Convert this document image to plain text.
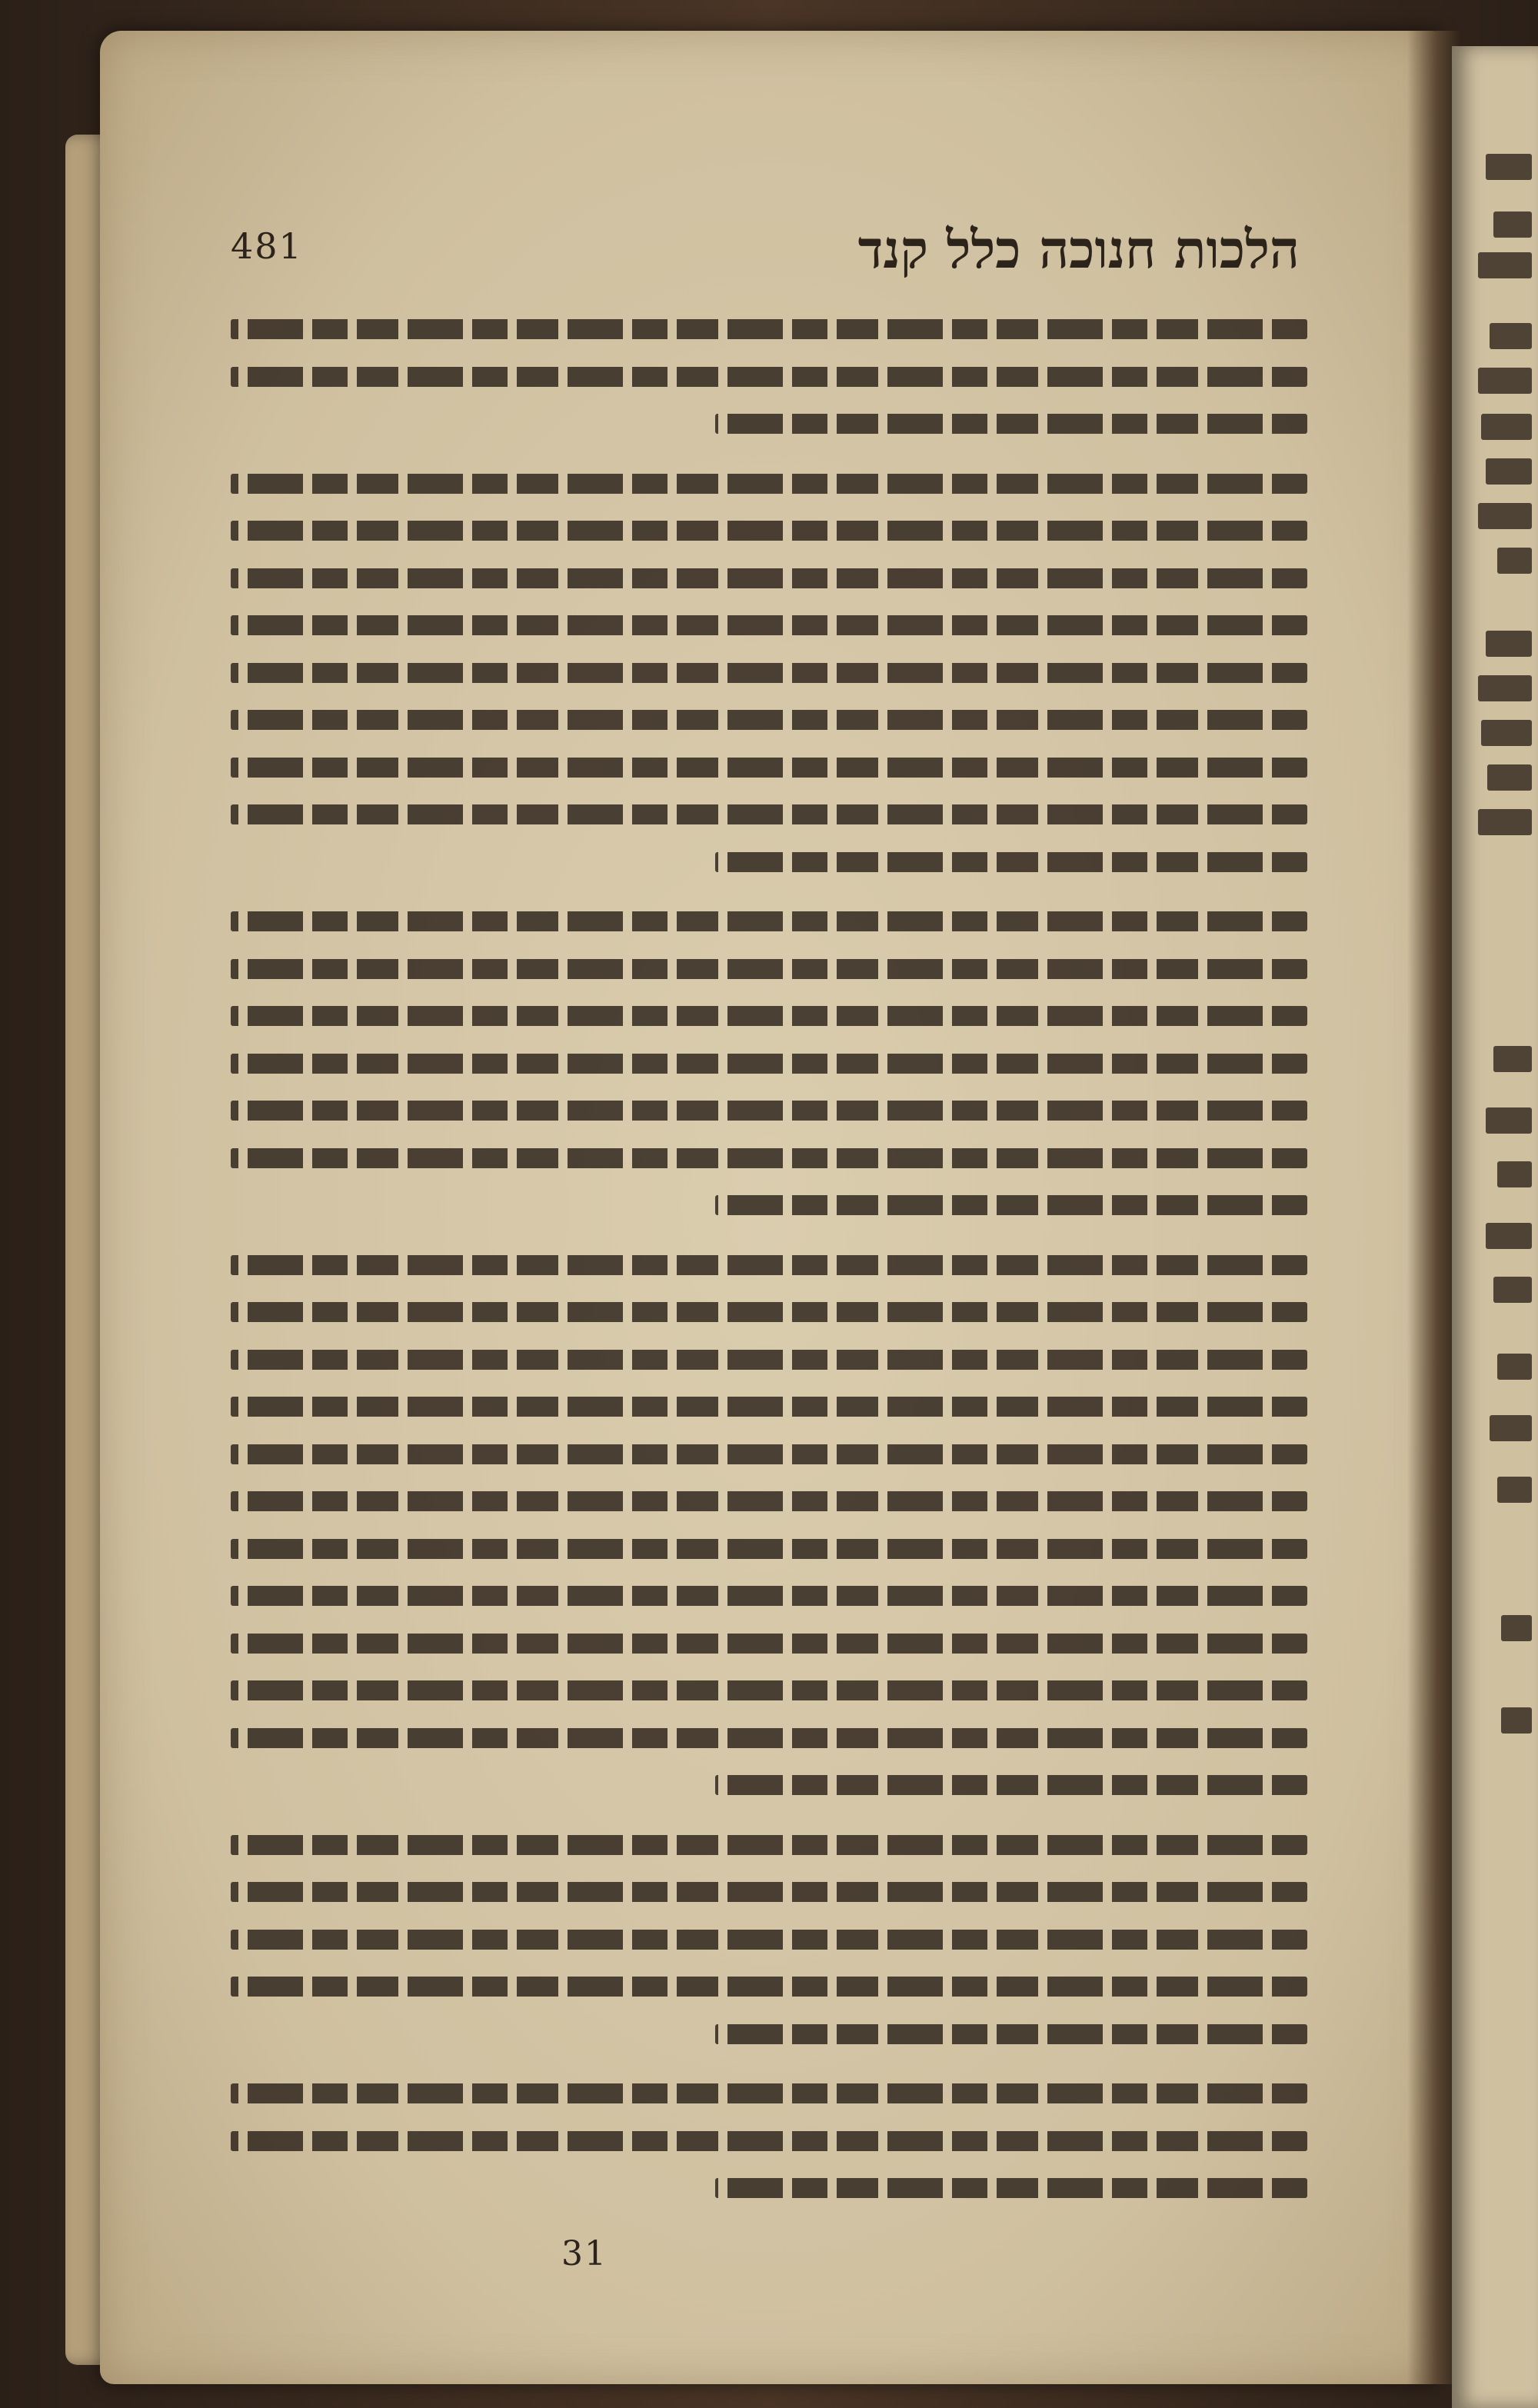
481	הלכות חנוכה כלל קנד
31
